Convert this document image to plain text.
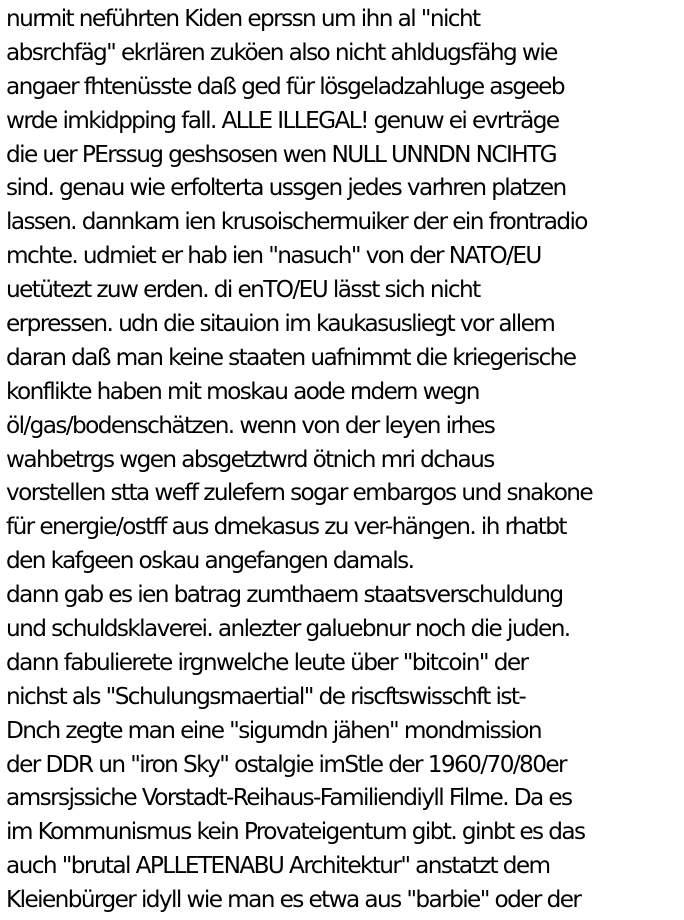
nurmit neführten Kiden eprssn um ihn al "nicht
absrchfäg" ekrlären zuköen also nicht ahldugsfähg wie
angaer fhtenüsste daß ged für lösgeladzahluge asgeeb
wrde imkidpping fall. ALLE ILLEGAL! genuw ei evrträge
die uer PErssug geshsosen wen NULL UNNDN NCIHTG
sind. genau wie erfolterta ussgen jedes varhren platzen
lassen. dannkam ien krusoischermuiker der ein frontradio
mchte. udmiet er hab ien "nasuch" von der NATO/EU
uetütezt zuw erden. di enTO/EU lässt sich nicht
erpressen. udn die sitauion im kaukasusliegt vor allem
daran daß man keine staaten uafnimmt die kriegerische
konflikte haben mit moskau aode rndern wegn
öl/gas/bodenschätzen. wenn von der leyen irhes
wahbetrgs wgen absgetztwrd ötnich mri dchaus
vorstellen stta weff zulefern sogar embargos und snakone
für energie/ostff aus dmekasus zu ver-hängen. ih rhatbt
den kafgeen oskau angefangen damals.
dann gab es ien batrag zumthaem staatsverschuldung
und schuldsklaverei. anlezter galuebnur noch die juden.
dann fabulierete irgnwelche leute über "bitcoin" der
nichst als "Schulungsmaertial" de riscftswisschft ist-
Dnch zegte man eine "sigumdn jähen" mondmission
der DDR un "iron Sky" ostalgie imStle der 1960/70/80er
amsrsjssiche Vorstadt-Reihaus-Familiendiyll Filme. Da es
im Kommunismus kein Provateigentum gibt. ginbt es das
auch "brutal APLLETENABU Architektur" anstatzt dem
Kleienbürger idyll wie man es etwa aus "barbie" oder der
